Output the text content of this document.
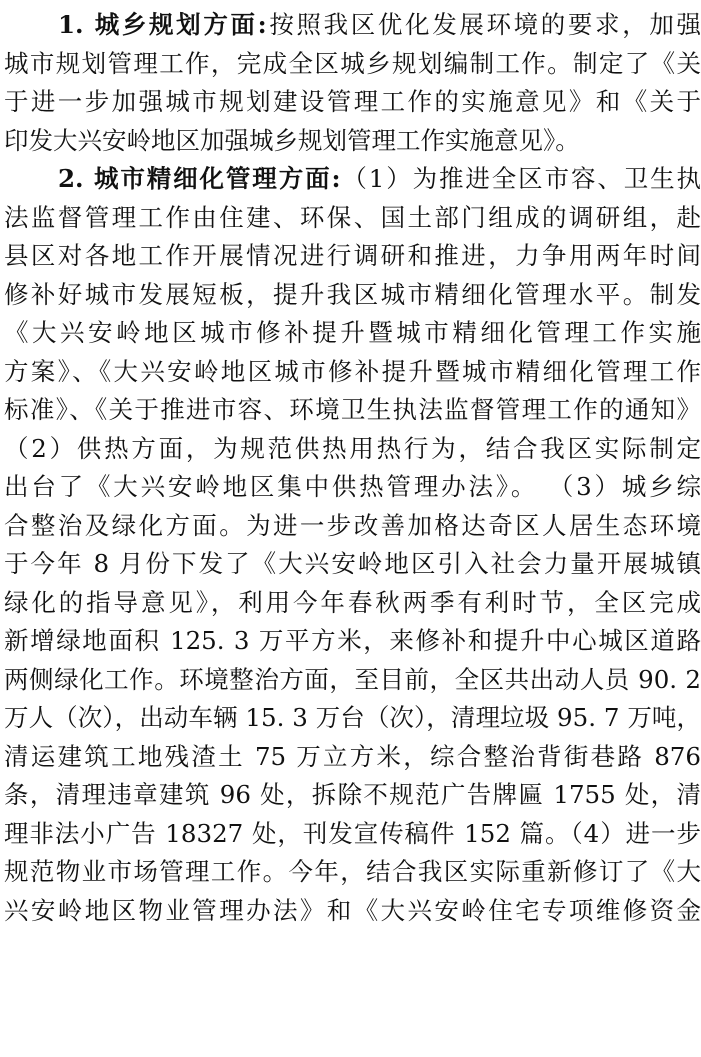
1. 城乡规划方面:按照我区优化发展环境的要求，加强
城市规划管理工作，完成全区城乡规划编制工作。制定了《关
于进一步加强城市规划建设管理工作的实施意见》和《关于
印发大兴安岭地区加强城乡规划管理工作实施意见》。
2. 城市精细化管理方面:（1）为推进全区市容、卫生执
法监督管理工作由住建、环保、国土部门组成的调研组，赴
县区对各地工作开展情况进行调研和推进，力争用两年时间
修补好城市发展短板，提升我区城市精细化管理水平。制发
《大兴安岭地区城市修补提升暨城市精细化管理工作实施
方案》、《大兴安岭地区城市修补提升暨城市精细化管理工作
标准》、《关于推进市容、环境卫生执法监督管理工作的通知》
（2）供热方面，为规范供热用热行为，结合我区实际制定
出台了《大兴安岭地区集中供热管理办法》。 （3）城乡综
合整治及绿化方面。为进一步改善加格达奇区人居生态环境
于今年 8 月份下发了《大兴安岭地区引入社会力量开展城镇
绿化的指导意见》，利用今年春秋两季有利时节，全区完成
新增绿地面积 125. 3 万平方米，来修补和提升中心城区道路
两侧绿化工作。环境整治方面，至目前，全区共出动人员 90. 2
万人（次），出动车辆 15. 3 万台（次），清理垃圾 95. 7 万吨，
清运建筑工地残渣土 75 万立方米，综合整治背街巷路 876
条，清理违章建筑 96 处，拆除不规范广告牌匾 1755 处，清
理非法小广告 18327 处，刊发宣传稿件 152 篇。（4）进一步
规范物业市场管理工作。今年，结合我区实际重新修订了《大
兴安岭地区物业管理办法》和《大兴安岭住宅专项维修资金
